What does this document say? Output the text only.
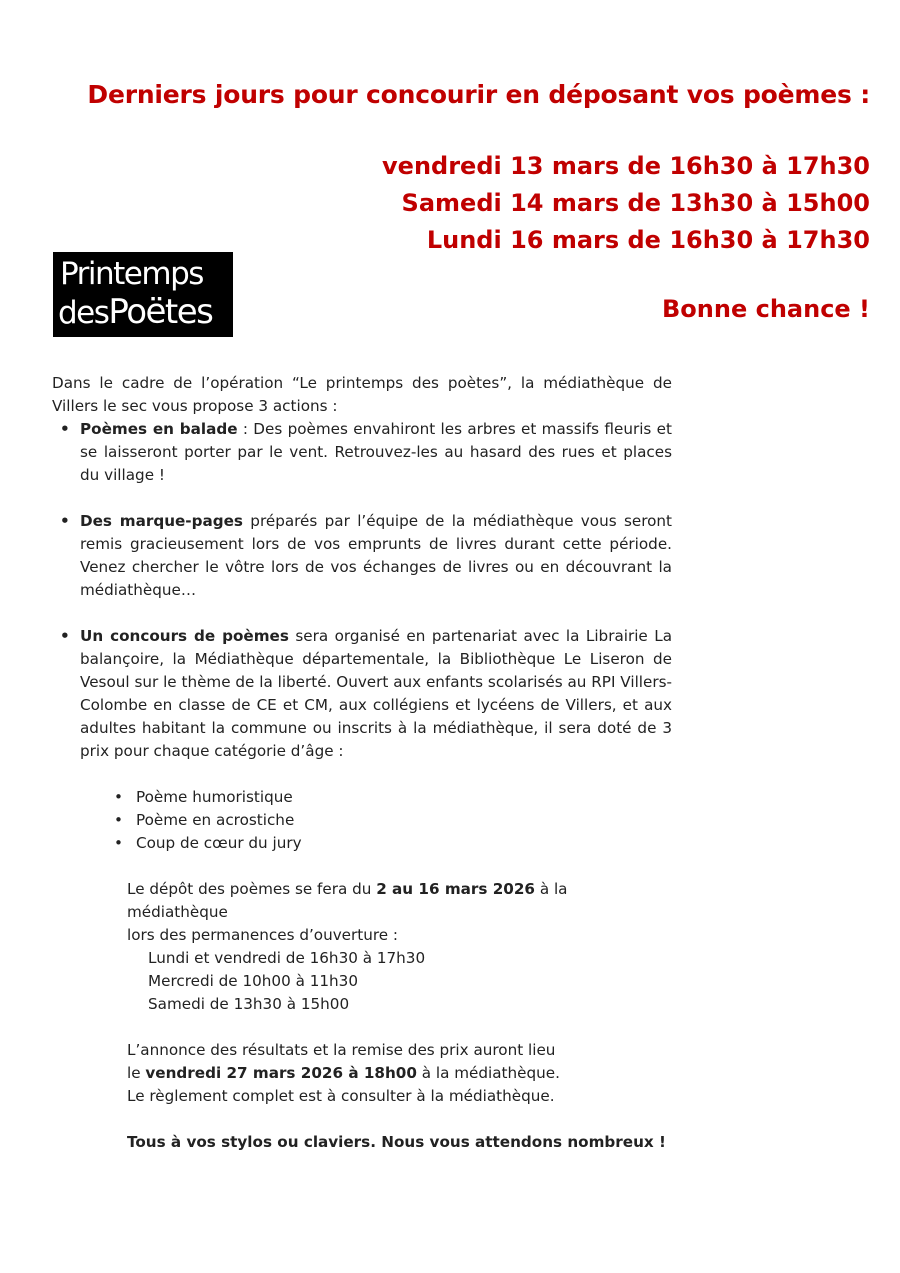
Derniers jours pour concourir en déposant vos poèmes :

vendredi 13 mars de 16h30 à 17h30
Samedi 14 mars de 13h30 à 15h00
Lundi 16 mars de 16h30 à 17h30
Bonne chance !
Printemps
desPoëtes

Dans le cadre de l’opération “Le printemps des poètes”, la médiathèque de Villers le sec vous propose 3 actions :

• Poèmes en balade : Des poèmes envahiront les arbres et massifs fleuris et se laisseront porter par le vent. Retrouvez-les au hasard des rues et places du village !
• Des marque-pages préparés par l’équipe de la médiathèque vous seront remis gracieusement lors de vos emprunts de livres durant cette période. Venez chercher le vôtre lors de vos échanges de livres ou en découvrant la médiathèque…
• Un concours de poèmes sera organisé en partenariat avec la Librairie La balançoire, la Médiathèque départementale, la Bibliothèque Le Liseron de Vesoul sur le thème de la liberté. Ouvert aux enfants scolarisés au RPI Villers-Colombe en classe de CE et CM, aux collégiens et lycéens de Villers, et aux adultes habitant la commune ou inscrits à la médiathèque, il sera doté de 3 prix pour chaque catégorie d’âge :
• Poème humoristique
• Poème en acrostiche
• Coup de cœur du jury

Le dépôt des poèmes se fera du 2 au 16 mars 2026 à la médiathèque

lors des permanences d’ouverture :

Lundi et vendredi de 16h30 à 17h30

Mercredi de 10h00 à 11h30

Samedi de 13h30 à 15h00

L’annonce des résultats et la remise des prix auront lieu

le vendredi 27 mars 2026 à 18h00 à la médiathèque.

Le règlement complet est à consulter à la médiathèque.

Tous à vos stylos ou claviers. Nous vous attendons nombreux !
